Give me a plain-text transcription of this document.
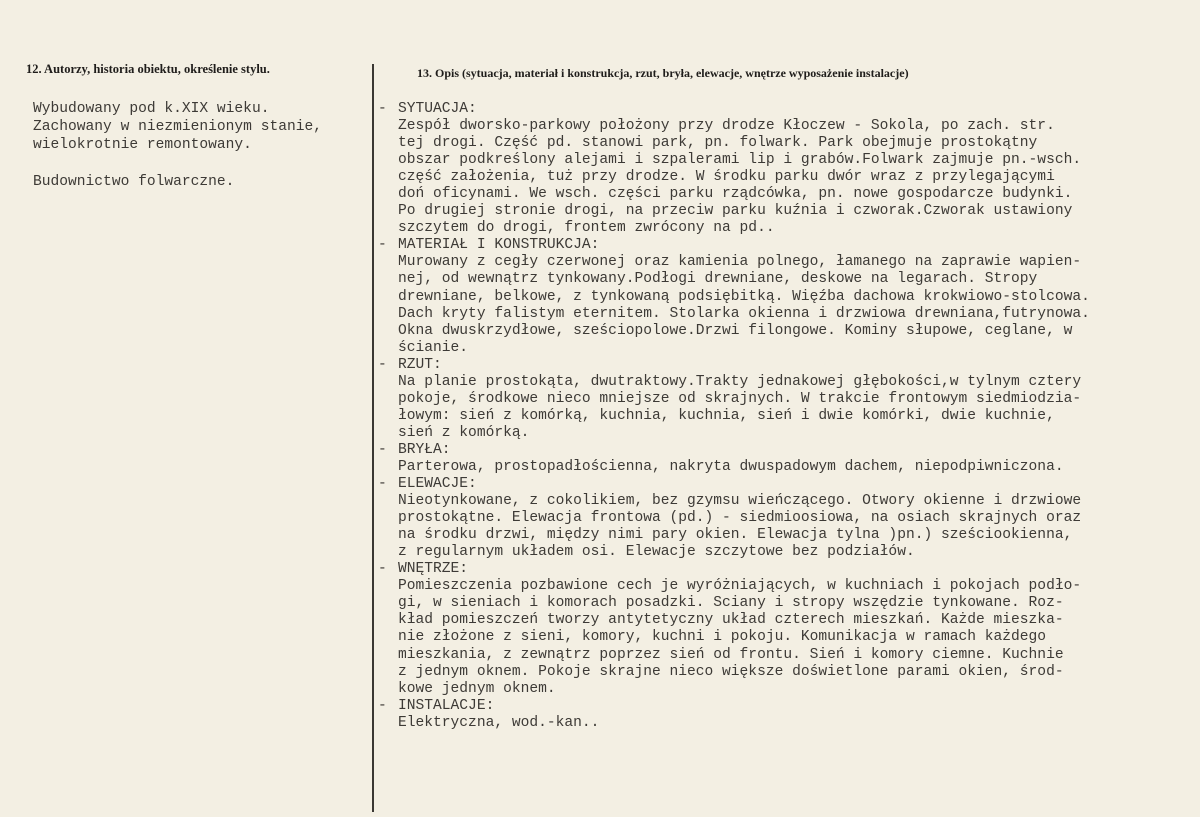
12. Autorzy, historia obiektu, określenie stylu.	13. Opis (sytuacja, materiał i konstrukcja, rzut, bryła, elewacje, wnętrze wyposażenie instalacje)
Wybudowany pod k.XIX wieku.
Zachowany w niezmienionym stanie,
wielokrotnie remontowany.
Budownictwo folwarczne.
- SYTUACJA:
Zespół dworsko-parkowy położony przy drodze Kłoczew - Sokola, po zach. str.
tej drogi. Część pd. stanowi park, pn. folwark. Park obejmuje prostokątny
obszar podkreślony alejami i szpalerami lip i grabów.Folwark zajmuje pn.-wsch.
część założenia, tuż przy drodze. W środku parku dwór wraz z przylegającymi
doń oficynami. We wsch. części parku rządcówka, pn. nowe gospodarcze budynki.
Po drugiej stronie drogi, na przeciw parku kuźnia i czworak.Czworak ustawiony
szczytem do drogi, frontem zwrócony na pd..
- MATERIAŁ I KONSTRUKCJA:
Murowany z cegły czerwonej oraz kamienia polnego, łamanego na zaprawie wapien-
nej, od wewnątrz tynkowany.Podłogi drewniane, deskowe na legarach. Stropy
drewniane, belkowe, z tynkowaną podsiębitką. Więźba dachowa krokwiowo-stolcowa.
Dach kryty falistym eternitem. Stolarka okienna i drzwiowa drewniana,futrynowa.
Okna dwuskrzydłowe, sześciopolowe.Drzwi filongowe. Kominy słupowe, ceglane, w
ścianie.
- RZUT:
Na planie prostokąta, dwutraktowy.Trakty jednakowej głębokości,w tylnym cztery
pokoje, środkowe nieco mniejsze od skrajnych. W trakcie frontowym siedmiodzia-
łowym: sień z komórką, kuchnia, kuchnia, sień i dwie komórki, dwie kuchnie,
sień z komórką.
- BRYŁA:
Parterowa, prostopadłościenna, nakryta dwuspadowym dachem, niepodpiwniczona.
- ELEWACJE:
Nieotynkowane, z cokolikiem, bez gzymsu wieńczącego. Otwory okienne i drzwiowe
prostokątne. Elewacja frontowa (pd.) - siedmioosiowa, na osiach skrajnych oraz
na środku drzwi, między nimi pary okien. Elewacja tylna )pn.) sześciookienna,
z regularnym układem osi. Elewacje szczytowe bez podziałów.
- WNĘTRZE:
Pomieszczenia pozbawione cech je wyróżniających, w kuchniach i pokojach podło-
gi, w sieniach i komorach posadzki. Sciany i stropy wszędzie tynkowane. Roz-
kład pomieszczeń tworzy antytetyczny układ czterech mieszkań. Każde mieszka-
nie złożone z sieni, komory, kuchni i pokoju. Komunikacja w ramach każdego
mieszkania, z zewnątrz poprzez sień od frontu. Sień i komory ciemne. Kuchnie
z jednym oknem. Pokoje skrajne nieco większe doświetlone parami okien, środ-
kowe jednym oknem.
- INSTALACJE:
Elektryczna, wod.-kan..
